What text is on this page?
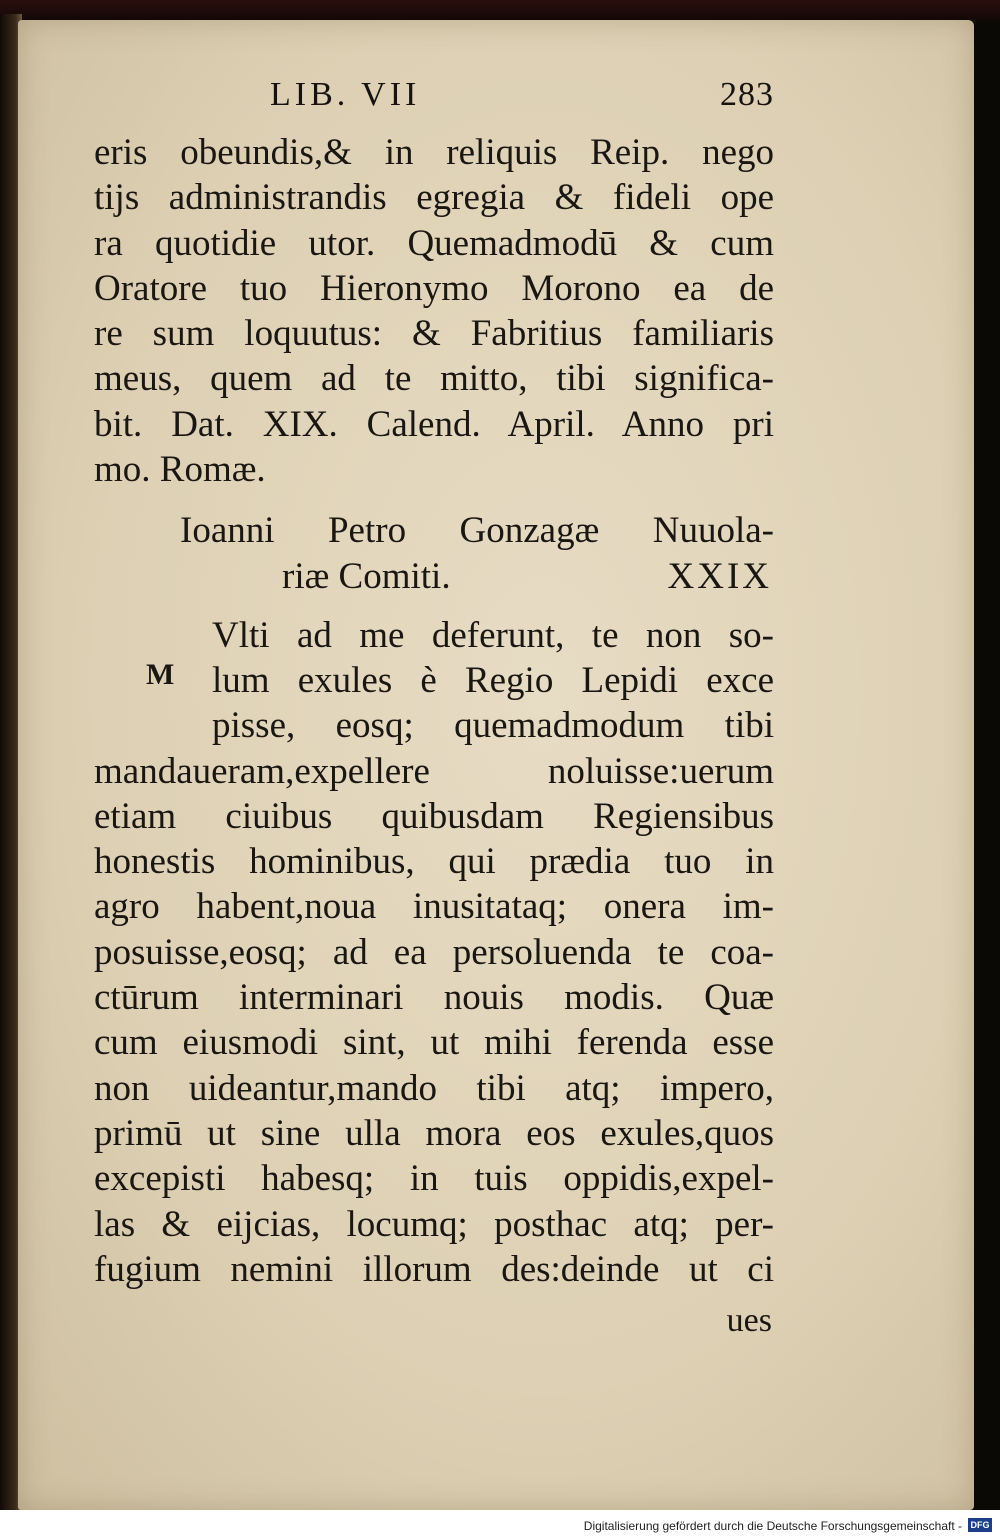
LIB. VII	283
eris obeundis,& in reliquis Reip. nego
tijs administrandis egregia & fideli ope
ra quotidie utor. Quemadmodū & cum
Oratore tuo Hieronymo Morono ea de
re sum loquutus: & Fabritius familiaris
meus, quem ad te mitto, tibi significa-
bit. Dat. XIX. Calend. April. Anno pri
mo. Romæ.
Ioanni Petro Gonzagæ Nuuola-
riæ Comiti.	XXIX
Vlti ad me deferunt, te non so-
M lum exules è Regio Lepidi exce
pisse, eosq; quemadmodum tibi
mandaueram,expellere noluisse:uerum
etiam ciuibus quibusdam Regiensibus
honestis hominibus, qui prædia tuo in
agro habent,noua inusitataq; onera im-
posuisse,eosq; ad ea persoluenda te coa-
ctūrum interminari nouis modis. Quæ
cum eiusmodi sint, ut mihi ferenda esse
non uideantur,mando tibi atq; impero,
primū ut sine ulla mora eos exules,quos
excepisti habesq; in tuis oppidis,expel-
las & eijcias, locumq; posthac atq; per-
fugium nemini illorum des:deinde ut ci
ues
Digitalisierung gefördert durch die Deutsche Forschungsgemeinschaft - DFG
